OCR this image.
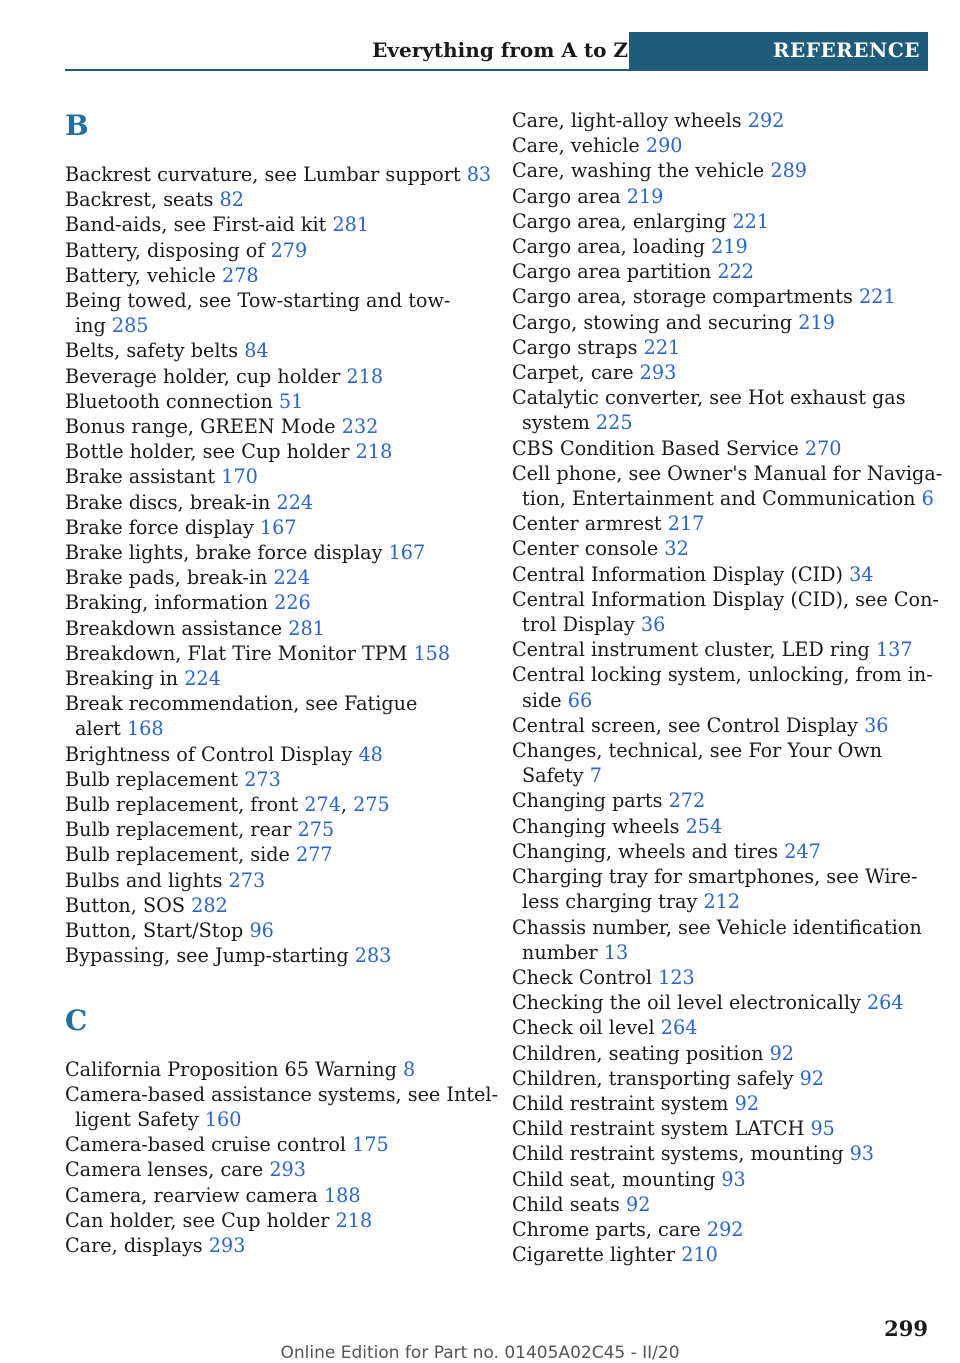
Everything from A to Z	REFERENCE
B
Backrest curvature, see Lumbar support 83
Backrest, seats 82
Band-aids, see First-aid kit 281
Battery, disposing of 279
Battery, vehicle 278
Being towed, see Tow-starting and tow-
ing 285
Belts, safety belts 84
Beverage holder, cup holder 218
Bluetooth connection 51
Bonus range, GREEN Mode 232
Bottle holder, see Cup holder 218
Brake assistant 170
Brake discs, break-in 224
Brake force display 167
Brake lights, brake force display 167
Brake pads, break-in 224
Braking, information 226
Breakdown assistance 281
Breakdown, Flat Tire Monitor TPM 158
Breaking in 224
Break recommendation, see Fatigue
alert 168
Brightness of Control Display 48
Bulb replacement 273
Bulb replacement, front 274, 275
Bulb replacement, rear 275
Bulb replacement, side 277
Bulbs and lights 273
Button, SOS 282
Button, Start/Stop 96
Bypassing, see Jump-starting 283
C
California Proposition 65 Warning 8
Camera-based assistance systems, see Intel-
ligent Safety 160
Camera-based cruise control 175
Camera lenses, care 293
Camera, rearview camera 188
Can holder, see Cup holder 218
Care, displays 293
Care, light-alloy wheels 292
Care, vehicle 290
Care, washing the vehicle 289
Cargo area 219
Cargo area, enlarging 221
Cargo area, loading 219
Cargo area partition 222
Cargo area, storage compartments 221
Cargo, stowing and securing 219
Cargo straps 221
Carpet, care 293
Catalytic converter, see Hot exhaust gas
system 225
CBS Condition Based Service 270
Cell phone, see Owner's Manual for Naviga-
tion, Entertainment and Communication 6
Center armrest 217
Center console 32
Central Information Display (CID) 34
Central Information Display (CID), see Con-
trol Display 36
Central instrument cluster, LED ring 137
Central locking system, unlocking, from in-
side 66
Central screen, see Control Display 36
Changes, technical, see For Your Own
Safety 7
Changing parts 272
Changing wheels 254
Changing, wheels and tires 247
Charging tray for smartphones, see Wire-
less charging tray 212
Chassis number, see Vehicle identification
number 13
Check Control 123
Checking the oil level electronically 264
Check oil level 264
Children, seating position 92
Children, transporting safely 92
Child restraint system 92
Child restraint system LATCH 95
Child restraint systems, mounting 93
Child seat, mounting 93
Child seats 92
Chrome parts, care 292
Cigarette lighter 210
299
Online Edition for Part no. 01405A02C45 - II/20
